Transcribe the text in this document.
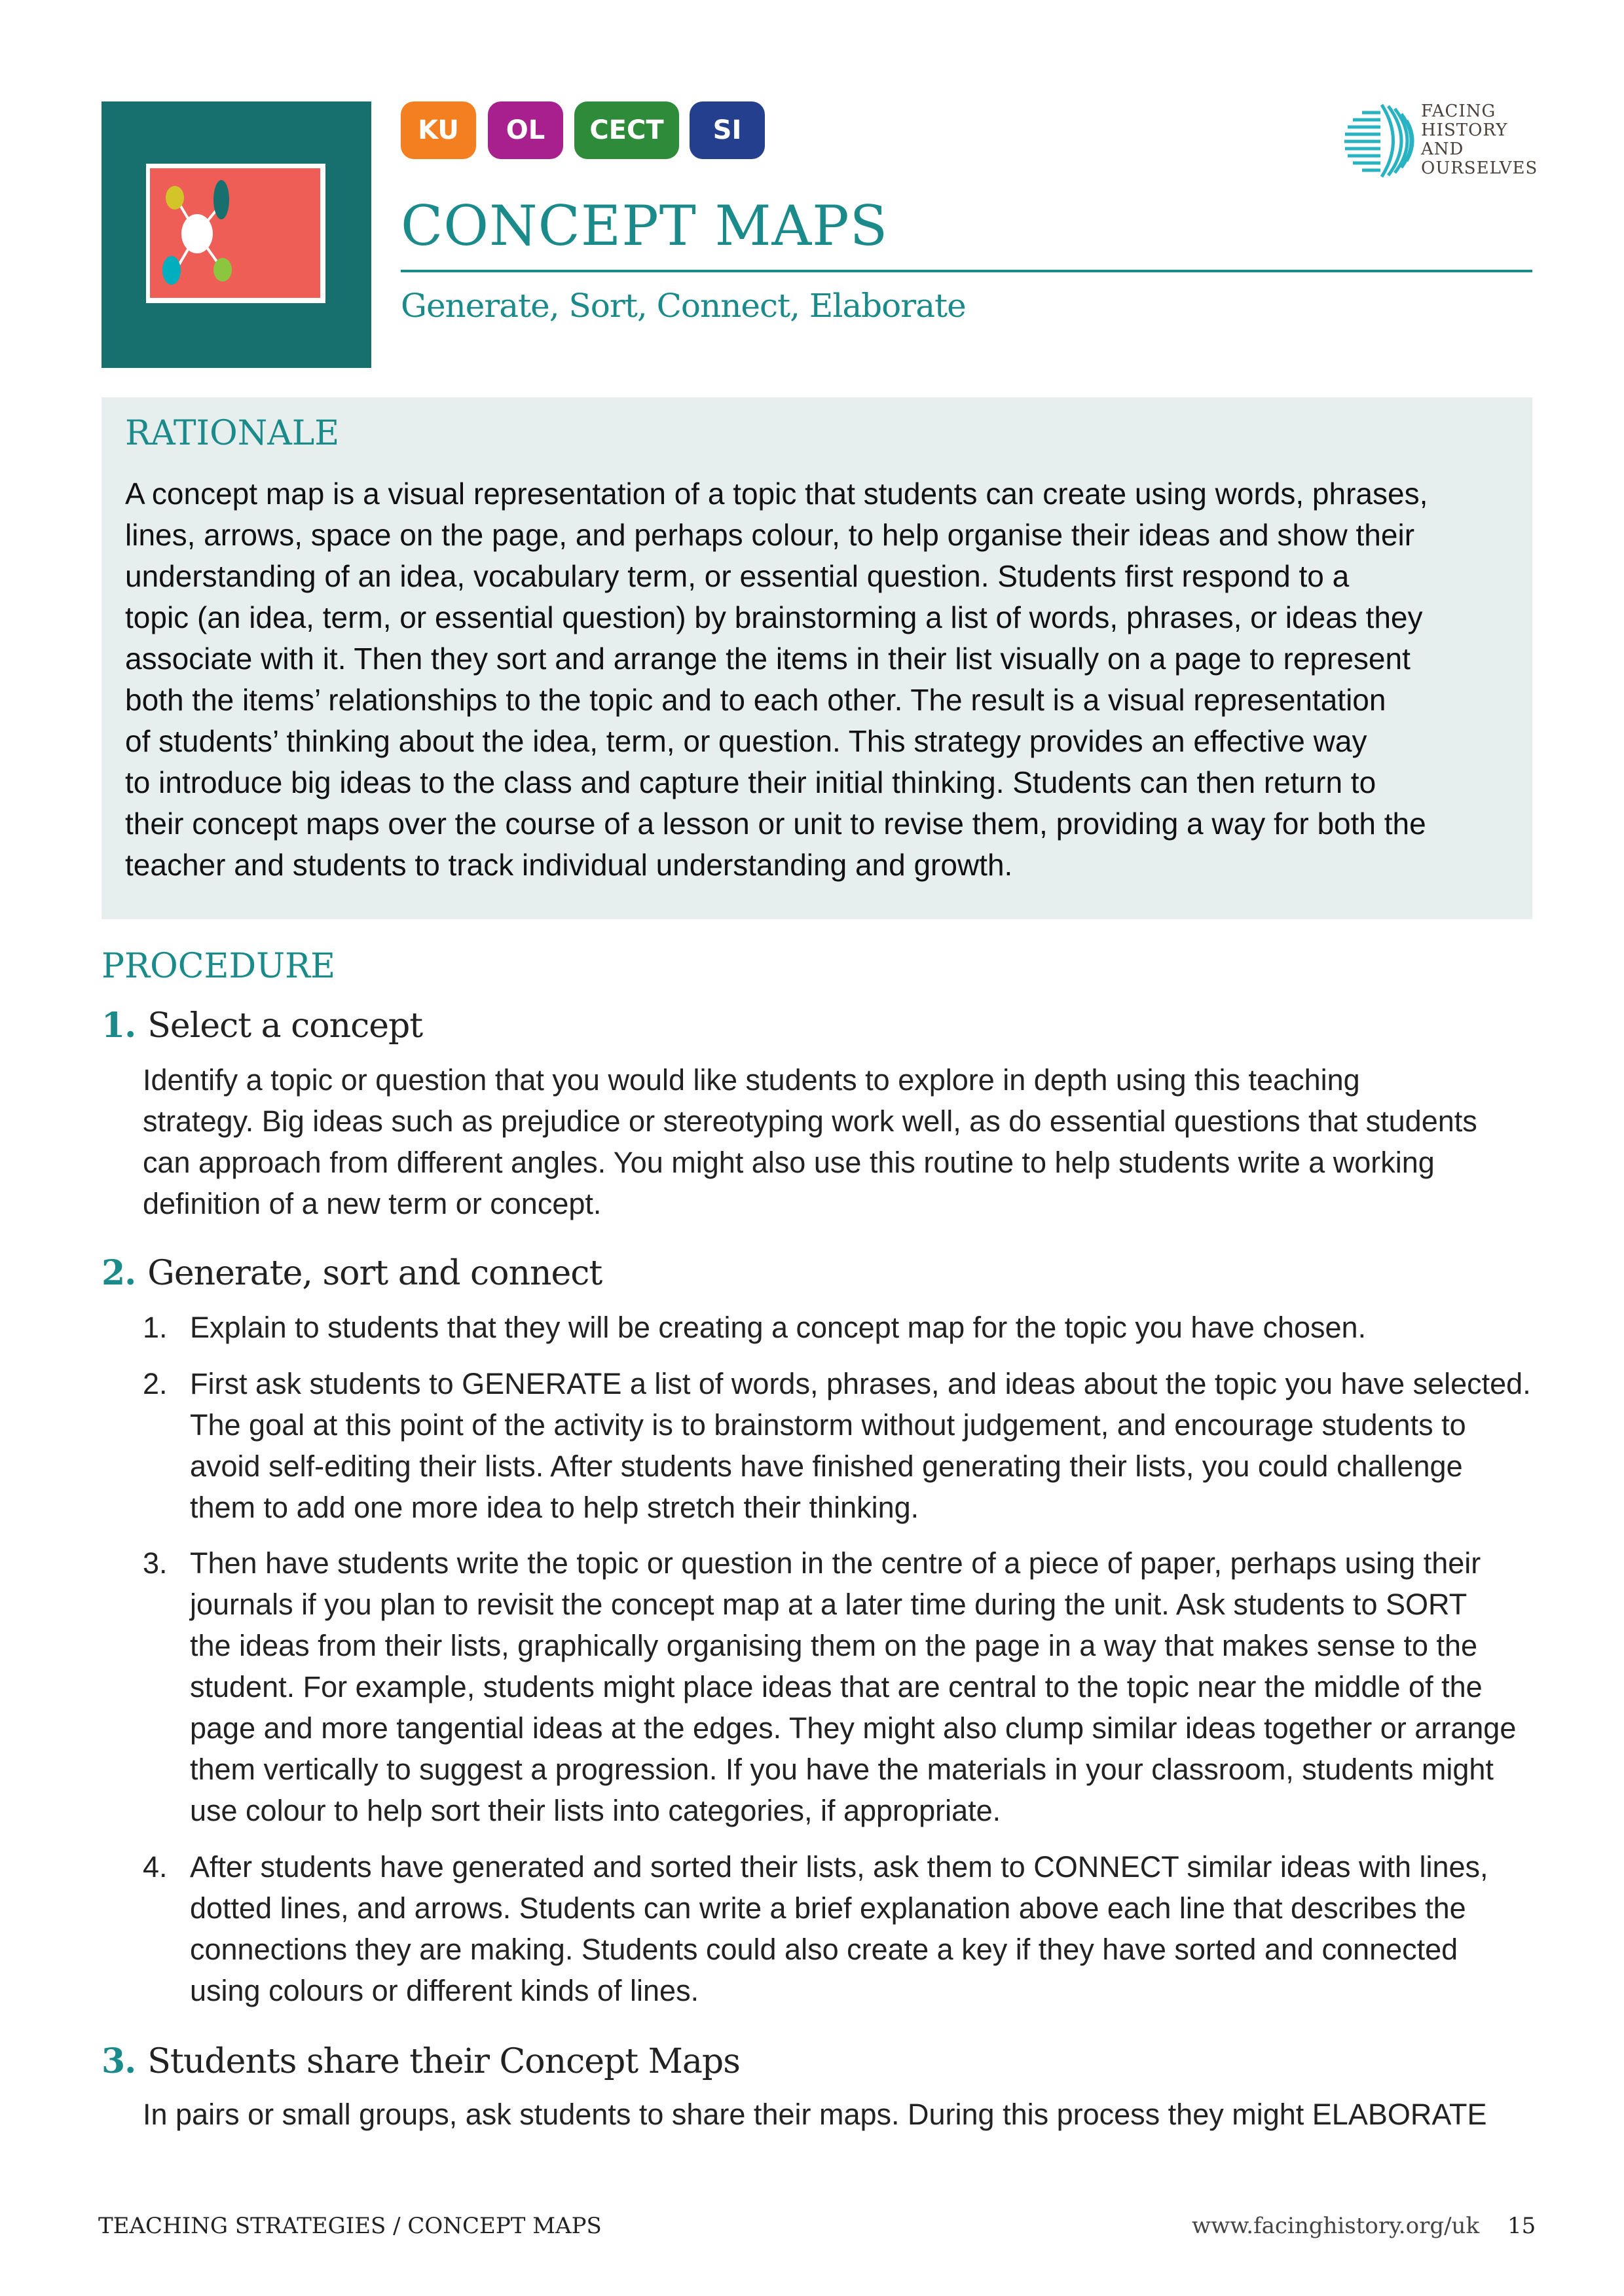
KU	OL	CECT	SI
CONCEPT MAPS
Generate, Sort, Connect, Elaborate
FACING
HISTORY
AND
OURSELVES
RATIONALE
A concept map is a visual representation of a topic that students can create using words, phrases,
lines, arrows, space on the page, and perhaps colour, to help organise their ideas and show their
understanding of an idea, vocabulary term, or essential question. Students first respond to a
topic (an idea, term, or essential question) by brainstorming a list of words, phrases, or ideas they
associate with it. Then they sort and arrange the items in their list visually on a page to represent
both the items’ relationships to the topic and to each other. The result is a visual representation
of students’ thinking about the idea, term, or question. This strategy provides an effective way
to introduce big ideas to the class and capture their initial thinking. Students can then return to
their concept maps over the course of a lesson or unit to revise them, providing a way for both the
teacher and students to track individual understanding and growth.
PROCEDURE
1. Select a concept
Identify a topic or question that you would like students to explore in depth using this teaching
strategy. Big ideas such as prejudice or stereotyping work well, as do essential questions that students
can approach from different angles. You might also use this routine to help students write a working
definition of a new term or concept.
2. Generate, sort and connect
1. Explain to students that they will be creating a concept map for the topic you have chosen.
2. First ask students to GENERATE a list of words, phrases, and ideas about the topic you have selected.
The goal at this point of the activity is to brainstorm without judgement, and encourage students to
avoid self-editing their lists. After students have finished generating their lists, you could challenge
them to add one more idea to help stretch their thinking.
3. Then have students write the topic or question in the centre of a piece of paper, perhaps using their
journals if you plan to revisit the concept map at a later time during the unit. Ask students to SORT
the ideas from their lists, graphically organising them on the page in a way that makes sense to the
student. For example, students might place ideas that are central to the topic near the middle of the
page and more tangential ideas at the edges. They might also clump similar ideas together or arrange
them vertically to suggest a progression. If you have the materials in your classroom, students might
use colour to help sort their lists into categories, if appropriate.
4. After students have generated and sorted their lists, ask them to CONNECT similar ideas with lines,
dotted lines, and arrows. Students can write a brief explanation above each line that describes the
connections they are making. Students could also create a key if they have sorted and connected
using colours or different kinds of lines.
3. Students share their Concept Maps
In pairs or small groups, ask students to share their maps. During this process they might ELABORATE
TEACHING STRATEGIES / CONCEPT MAPS	www.facinghistory.org/uk 15
